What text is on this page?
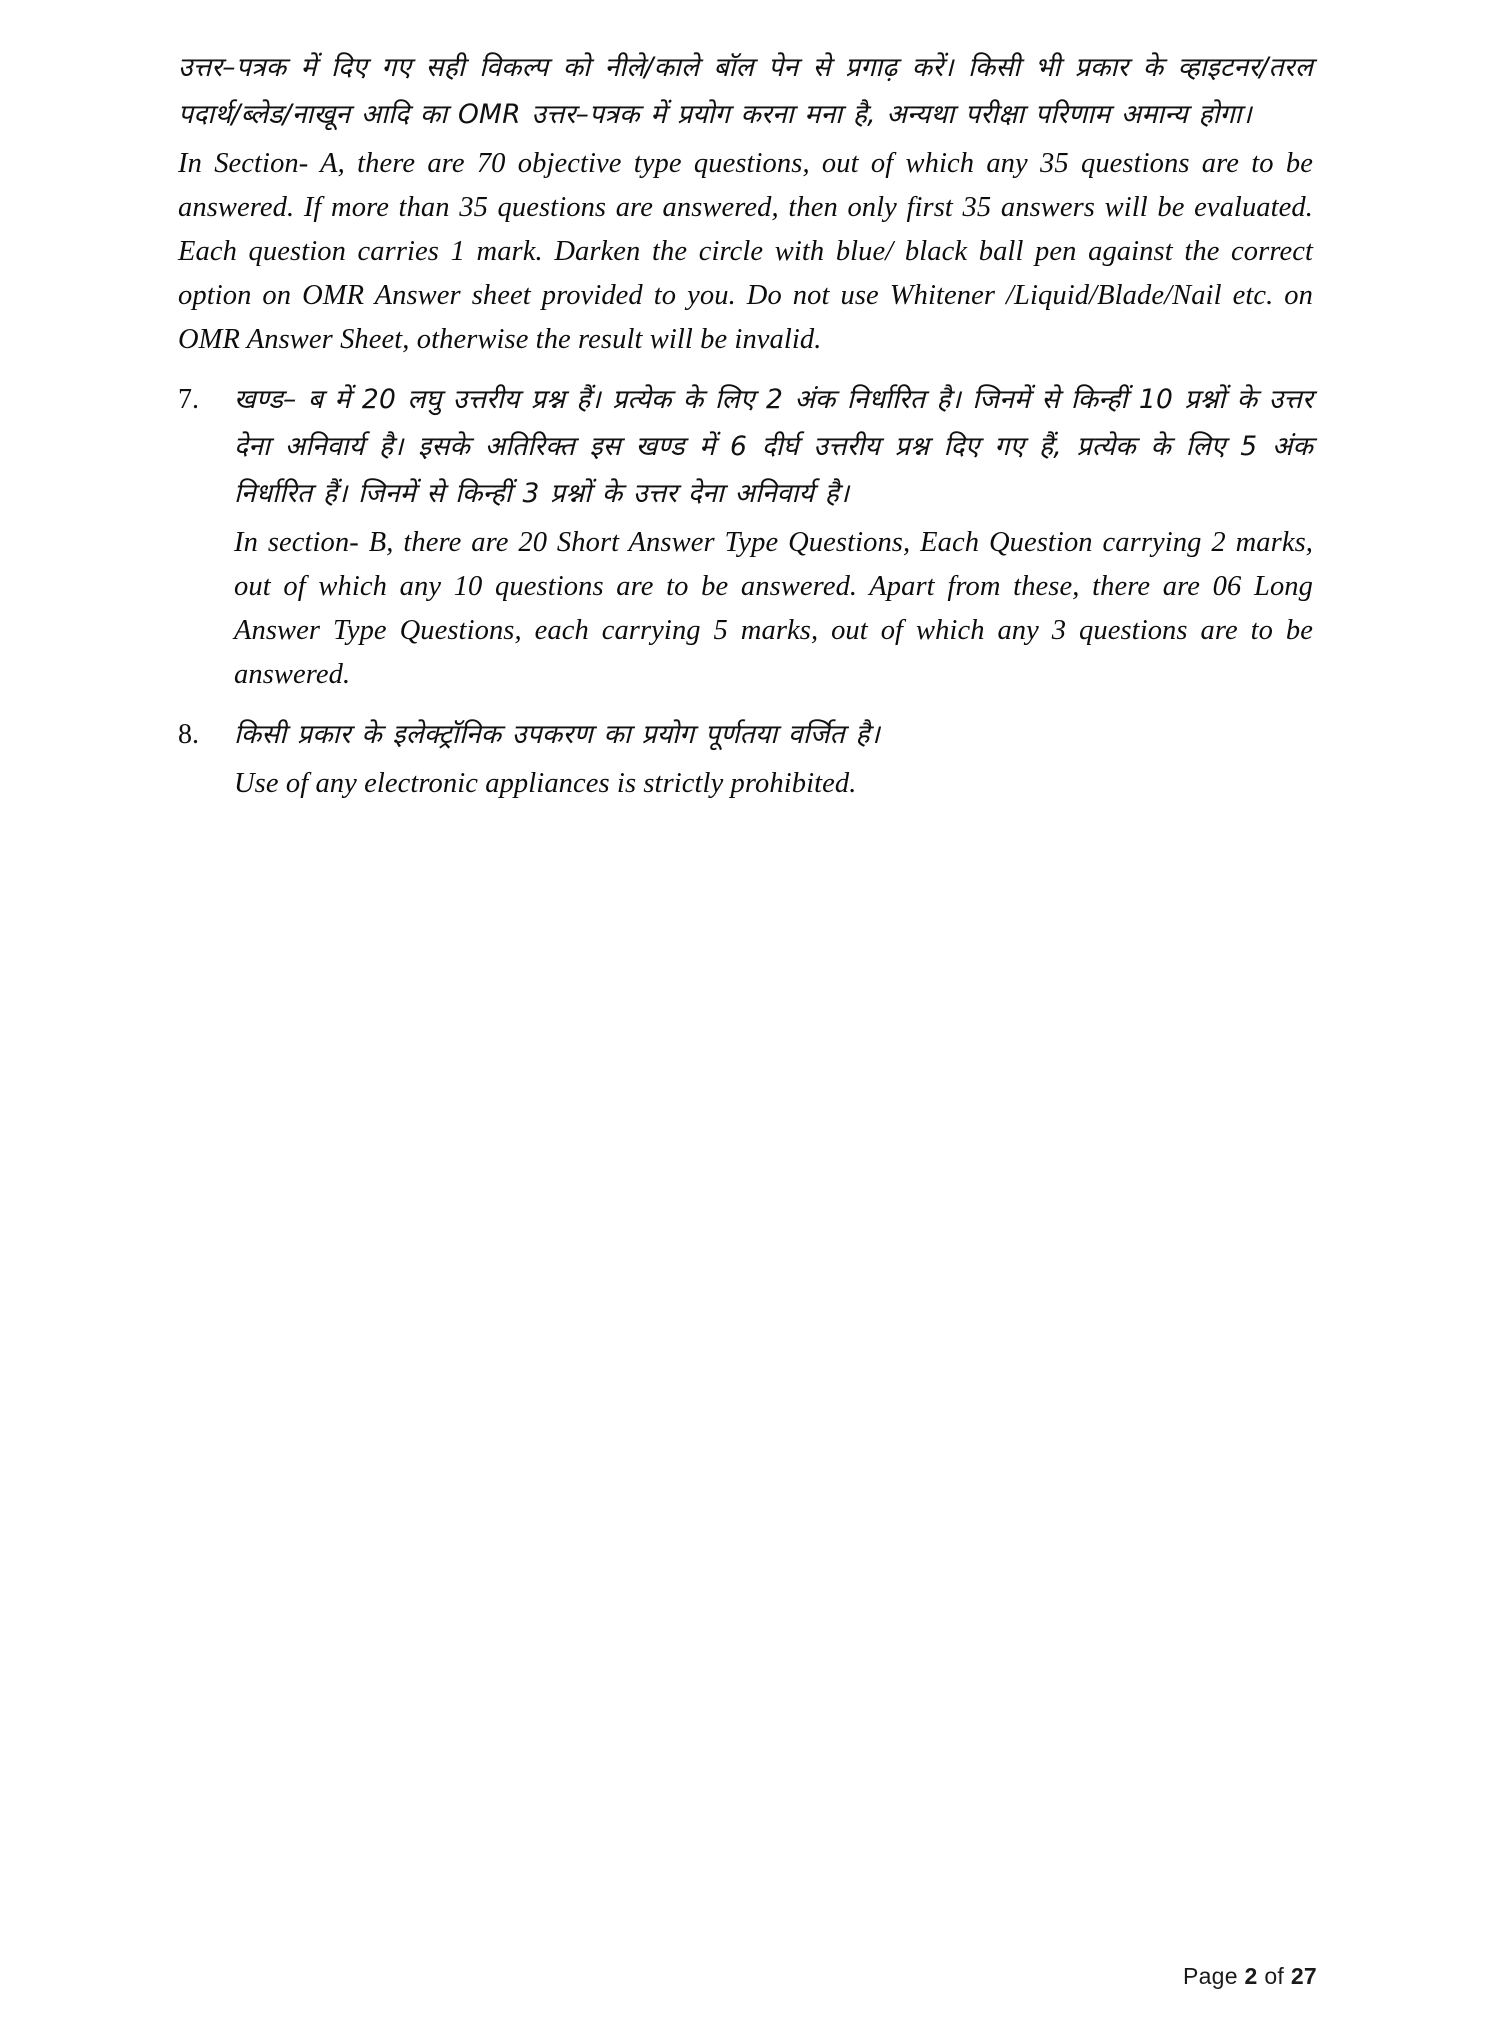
उत्तर–पत्रक में दिए गए सही विकल्प को नीले/काले बॉल पेन से प्रगाढ़ करें। किसी भी प्रकार के व्हाइटनर/तरल पदार्थ/ब्लेड/नाखून आदि का OMR उत्तर–पत्रक में प्रयोग करना मना है, अन्यथा परीक्षा परिणाम अमान्य होगा।

In Section- A, there are 70 objective type questions, out of which any 35 questions are to be answered. If more than 35 questions are answered, then only first 35 answers will be evaluated. Each question carries 1 mark. Darken the circle with blue/ black ball pen against the correct option on OMR Answer sheet provided to you. Do not use Whitener /Liquid/Blade/Nail etc. on OMR Answer Sheet, otherwise the result will be invalid.

7.	खण्ड– ब में 20 लघु उत्तरीय प्रश्न हैं। प्रत्येक के लिए 2 अंक निर्धारित है। जिनमें से किन्हीं 10 प्रश्नों के उत्तर देना अनिवार्य है। इसके अतिरिक्त इस खण्ड में 6 दीर्घ उत्तरीय प्रश्न दिए गए हैं, प्रत्येक के लिए 5 अंक निर्धारित हैं। जिनमें से किन्हीं 3 प्रश्नों के उत्तर देना अनिवार्य है।

In section- B, there are 20 Short Answer Type Questions, Each Question carrying 2 marks, out of which any 10 questions are to be answered. Apart from these, there are 06 Long Answer Type Questions, each carrying 5 marks, out of which any 3 questions are to be answered.

8.	किसी प्रकार के इलेक्ट्रॉनिक उपकरण का प्रयोग पूर्णतया वर्जित है।

Use of any electronic appliances is strictly prohibited.

Page 2 of 27
